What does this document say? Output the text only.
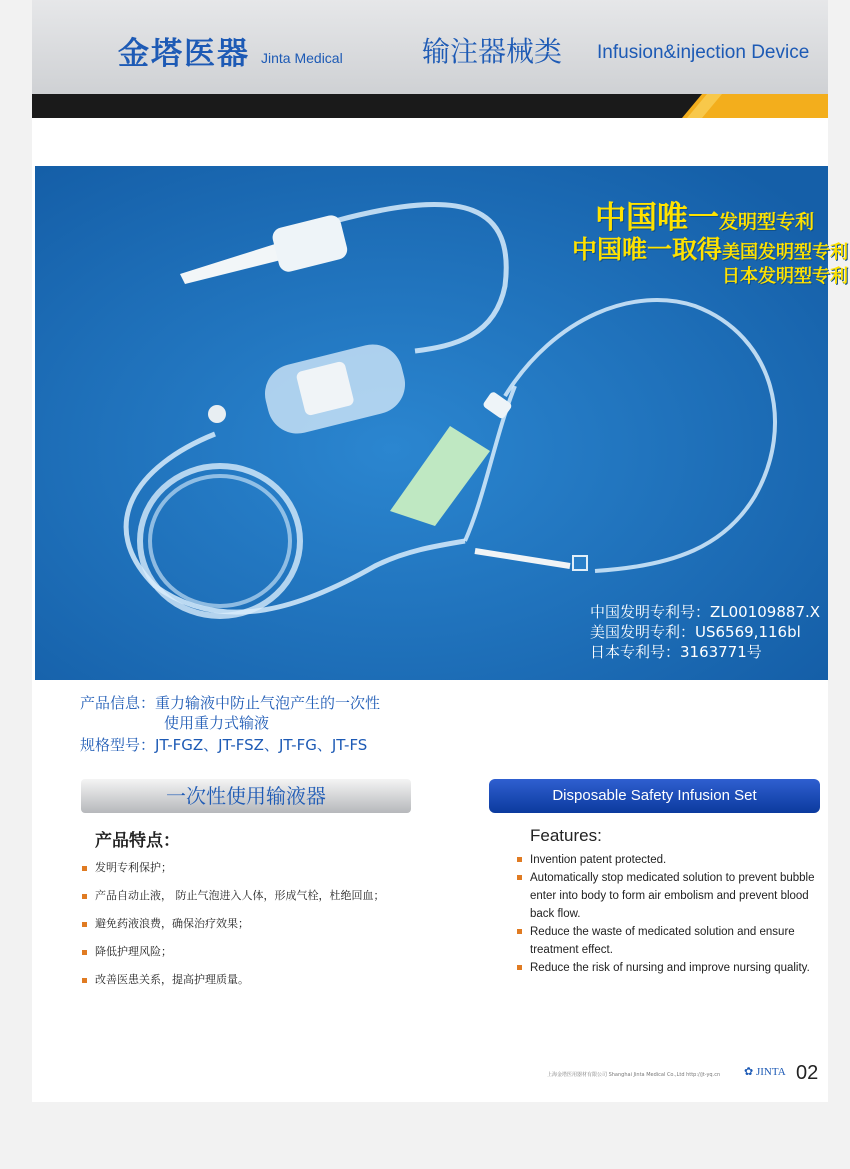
金塔医器 Jinta Medical	输注器械类 Infusion&injection Device
中国唯一发明型专利
中国唯一取得美国发明型专利
日本发明型专利
中国发明专利号：ZL00109887.X
美国发明专利：US6569,116bl
日本专利号：3163771号
产品信息：重力输液中防止气泡产生的一次性
使用重力式输液
规格型号：JT-FGZ、JT-FSZ、JT-FG、JT-FS
一次性使用输液器	Disposable Safety Infusion Set
产品特点：
发明专利保护；
产品自动止液， 防止气泡进入人体，形成气栓，杜绝回血；
避免药液浪费，确保治疗效果；
降低护理风险；
改善医患关系，提高护理质量。
Features:
Invention patent protected.
Automatically stop medicated solution to prevent bubble enter into body to form air embolism and prevent blood back flow.
Reduce the waste of medicated solution and ensure treatment effect.
Reduce the risk of nursing and improve nursing quality.
上海金塔医用器材有限公司 Shanghai Jinta Medical Co.,Ltd http://jt-yq.cn ✿ JINTA 02
